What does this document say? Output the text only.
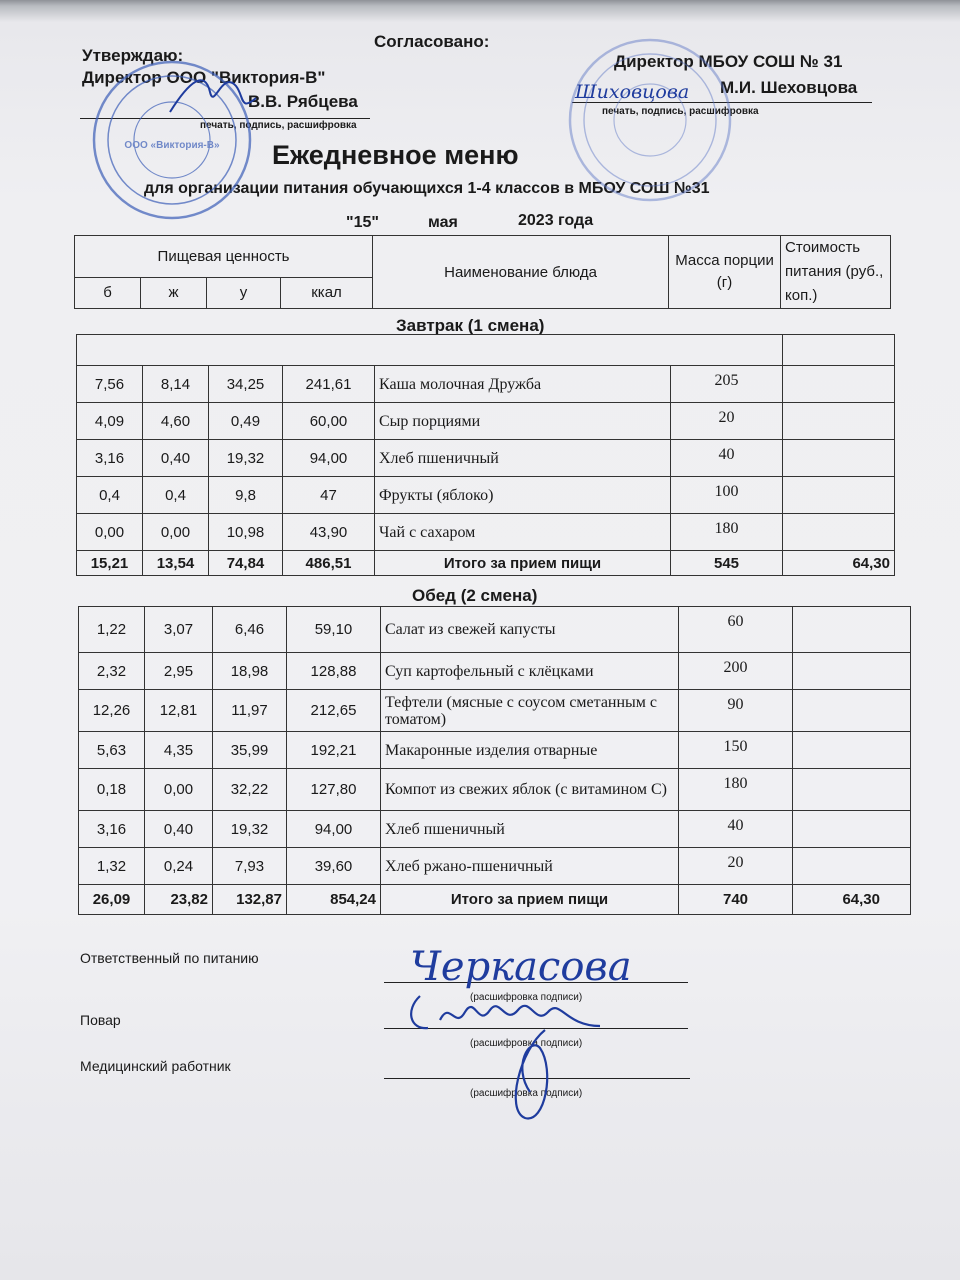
Согласовано:
Утверждаю:
Директор ООО "Виктория-В"
В.В. Рябцева
печать, подпись, расшифровка
Директор МБОУ СОШ № 31
М.И. Шеховцова
печать, подпись, расшифровка
Ежедневное меню
для организации питания обучающихся 1-4 классов в МБОУ СОШ №31
"15"	мая	2023 года
Пищевая ценность				Наименование блюда	Масса порции (г)	Стоимость питания (руб., коп.)
б	ж	у	ккал			
Завтрак (1 смена)

7,56	8,14	34,25	241,61	Каша молочная Дружба	205	
4,09	4,60	0,49	60,00	Сыр порциями	20	
3,16	0,40	19,32	94,00	Хлеб пшеничный	40	
0,4	0,4	9,8	47	Фрукты (яблоко)	100	
0,00	0,00	10,98	43,90	Чай с сахаром	180	
15,21	13,54	74,84	486,51	Итого за прием пищи	545	64,30
Обед (2 смена)
1,22	3,07	6,46	59,10	Салат из свежей капусты	60	
2,32	2,95	18,98	128,88	Суп картофельный с клёцками	200	
12,26	12,81	11,97	212,65	Тефтели (мясные с соусом сметанным с томатом)	90	
5,63	4,35	35,99	192,21	Макаронные изделия отварные	150	
0,18	0,00	32,22	127,80	Компот из свежих яблок (с витамином С)	180	
3,16	0,40	19,32	94,00	Хлеб пшеничный	40	
1,32	0,24	7,93	39,60	Хлеб ржано-пшеничный	20	
26,09	23,82	132,87	854,24	Итого за прием пищи	740	64,30
Ответственный по питанию
(расшифровка подписи)
Повар
(расшифровка подписи)
Медицинский работник
(расшифровка подписи)
ООО «Виктория-В»
Шиховцова
Черкасова
